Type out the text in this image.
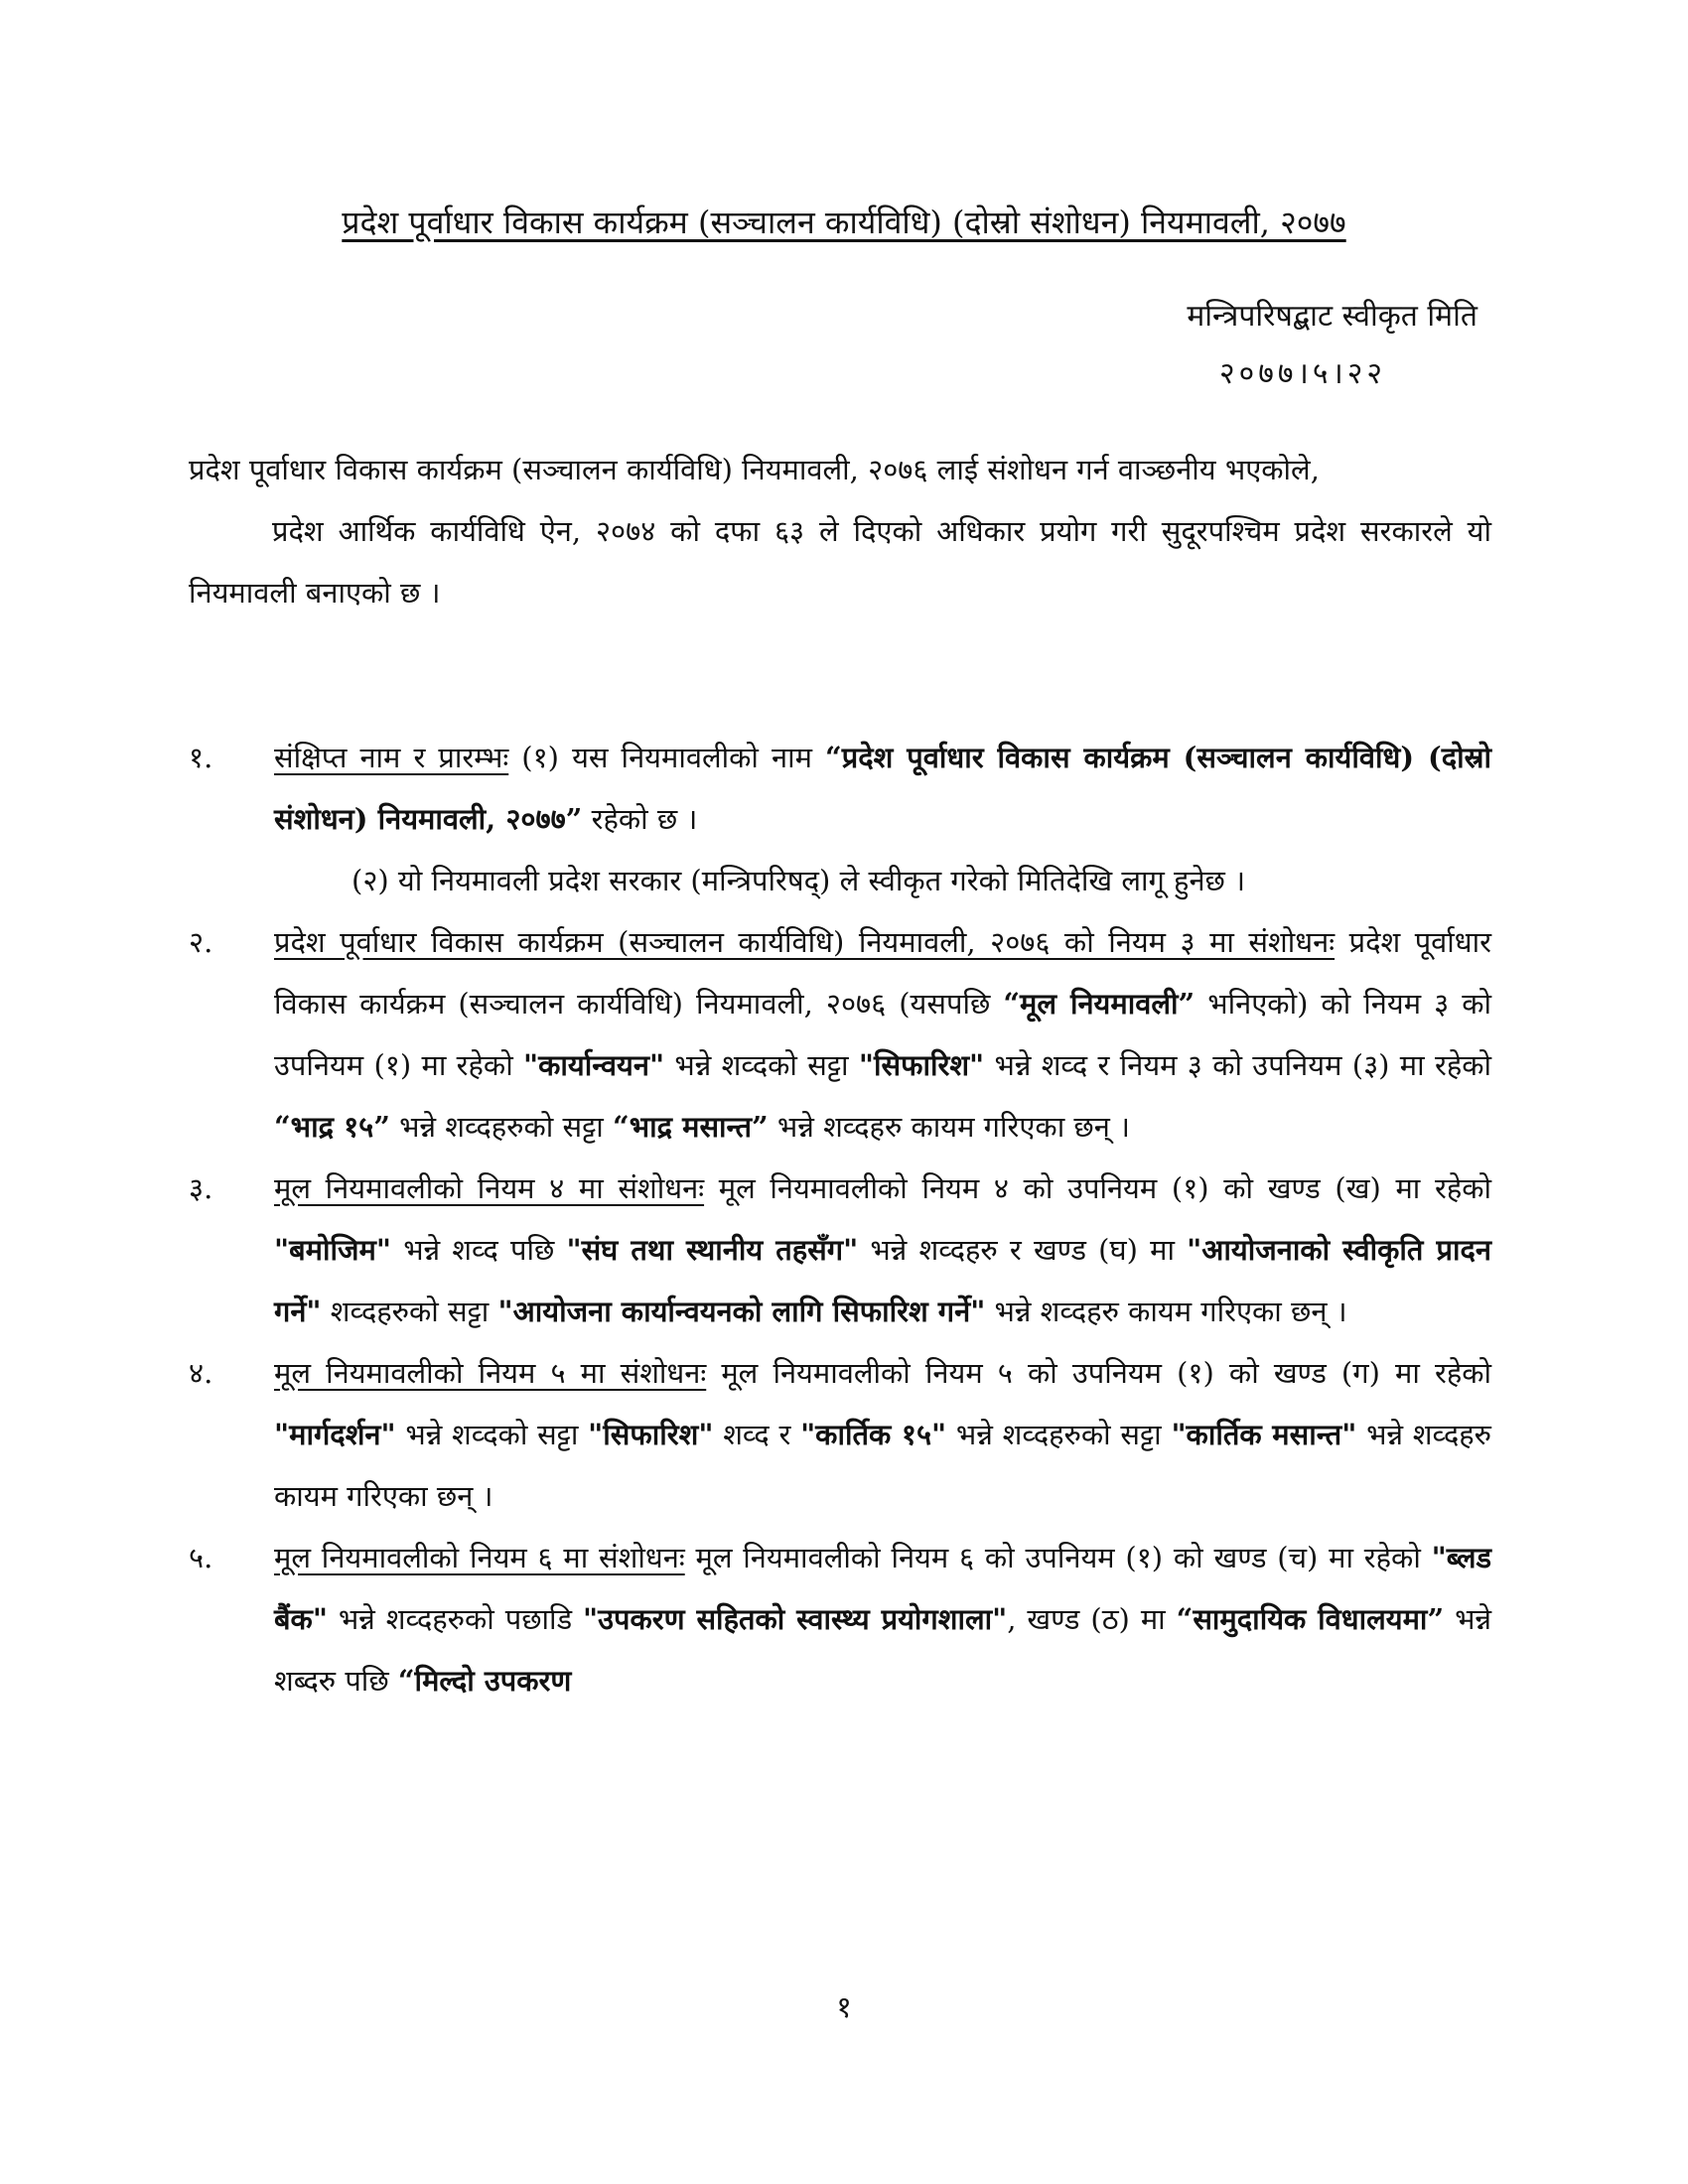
प्रदेश पूर्वाधार विकास कार्यक्रम (सञ्चालन कार्यविधि) (दोस्रो संशोधन) नियमावली, २०७७
मन्त्रिपरिषद्बाट स्वीकृत मिति
२०७७।५।२२
प्रदेश पूर्वाधार विकास कार्यक्रम (सञ्चालन कार्यविधि) नियमावली, २०७६ लाई संशोधन गर्न वाञ्छनीय भएकोले,
प्रदेश आर्थिक कार्यविधि ऐन, २०७४ को दफा ६३ ले दिएको अधिकार प्रयोग गरी सुदूरपश्चिम प्रदेश सरकारले यो नियमावली बनाएको छ ।
१.	संक्षिप्त नाम र प्रारम्भः (१) यस नियमावलीको नाम “प्रदेश पूर्वाधार विकास कार्यक्रम (सञ्चालन कार्यविधि) (दोस्रो संशोधन) नियमावली, २०७७” रहेको छ ।
(२) यो नियमावली प्रदेश सरकार (मन्त्रिपरिषद्) ले स्वीकृत गरेको मितिदेखि लागू हुनेछ ।
२.	प्रदेश पूर्वाधार विकास कार्यक्रम (सञ्चालन कार्यविधि) नियमावली, २०७६ को नियम ३ मा संशोधनः प्रदेश पूर्वाधार विकास कार्यक्रम (सञ्चालन कार्यविधि) नियमावली, २०७६ (यसपछि “मूल नियमावली” भनिएको) को नियम ३ को उपनियम (१) मा रहेको "कार्यान्वयन" भन्ने शव्दको सट्टा "सिफारिश" भन्ने शव्द र नियम ३ को उपनियम (३) मा रहेको “भाद्र १५” भन्ने शव्दहरुको सट्टा “भाद्र मसान्त” भन्ने शव्दहरु कायम गरिएका छन् ।
३.	मूल नियमावलीको नियम ४ मा संशोधनः मूल नियमावलीको नियम ४ को उपनियम (१) को खण्ड (ख) मा रहेको "बमोजिम" भन्ने शव्द पछि "संघ तथा स्थानीय तहसँग" भन्ने शव्दहरु र खण्ड (घ) मा "आयोजनाको स्वीकृति प्रादन गर्ने" शव्दहरुको सट्टा "आयोजना कार्यान्वयनको लागि सिफारिश गर्ने" भन्ने शव्दहरु कायम गरिएका छन् ।
४.	मूल नियमावलीको नियम ५ मा संशोधनः मूल नियमावलीको नियम ५ को उपनियम (१) को खण्ड (ग) मा रहेको "मार्गदर्शन" भन्ने शव्दको सट्टा "सिफारिश" शव्द र "कार्तिक १५" भन्ने शव्दहरुको सट्टा "कार्तिक मसान्त" भन्ने शव्दहरु कायम गरिएका छन् ।
५.	मूल नियमावलीको नियम ६ मा संशोधनः मूल नियमावलीको नियम ६ को उपनियम (१) को खण्ड (च) मा रहेको "ब्लड बैंक" भन्ने शव्दहरुको पछाडि "उपकरण सहितको स्वास्थ्य प्रयोगशाला", खण्ड (ठ) मा “सामुदायिक विधालयमा” भन्ने शब्दरु पछि “मिल्दो उपकरण
१
